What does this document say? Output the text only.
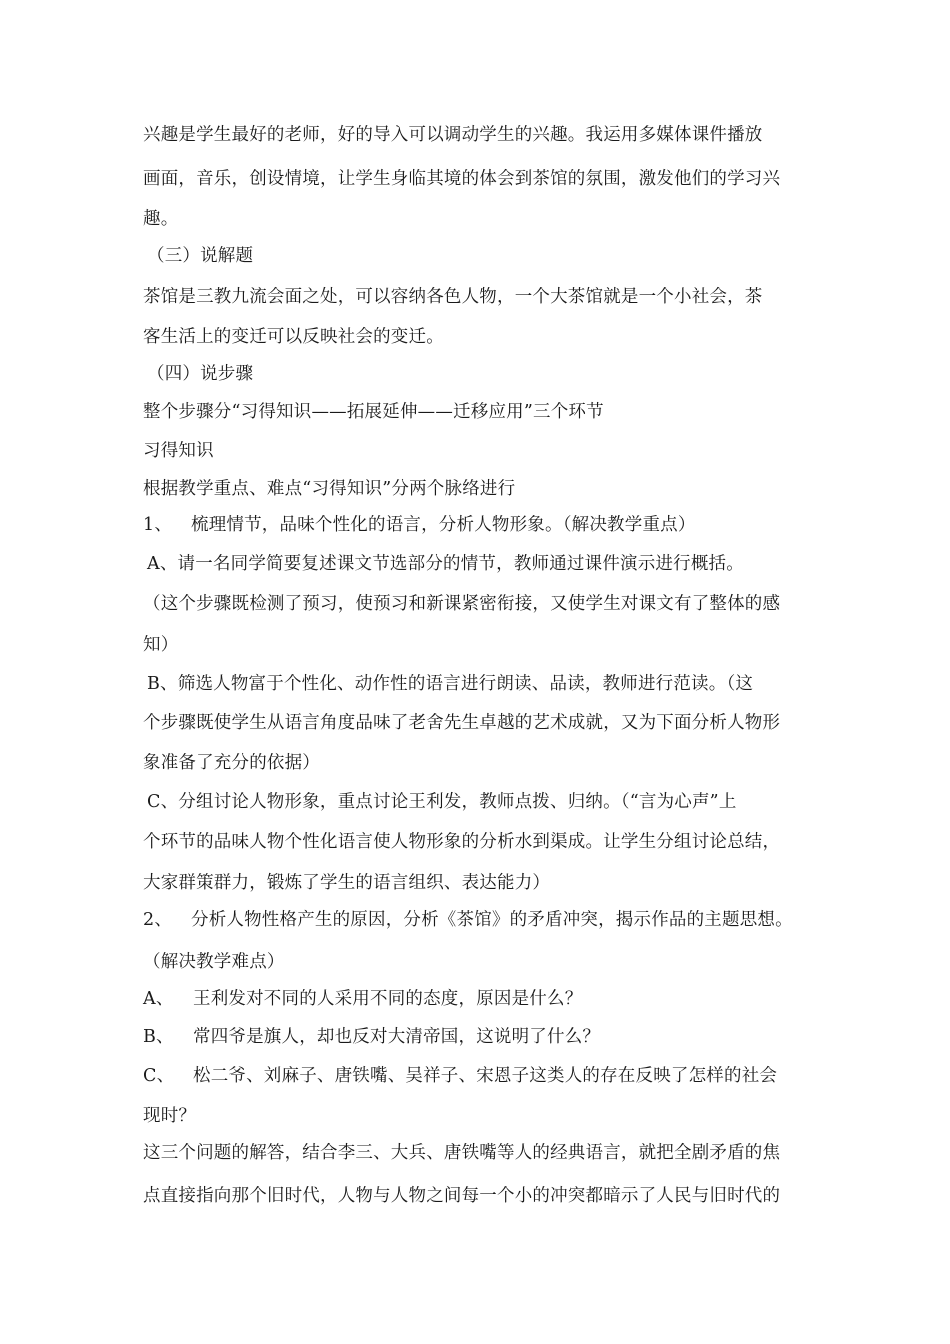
兴趣是学生最好的老师，好的导入可以调动学生的兴趣。我运用多媒体课件播放
画面，音乐，创设情境，让学生身临其境的体会到茶馆的氛围，激发他们的学习兴
趣。
（三）说解题
茶馆是三教九流会面之处，可以容纳各色人物，一个大茶馆就是一个小社会，茶
客生活上的变迁可以反映社会的变迁。
（四）说步骤
整个步骤分“习得知识——拓展延伸——迁移应用”三个环节
习得知识
根据教学重点、难点“习得知识”分两个脉络进行
1、 梳理情节，品味个性化的语言，分析人物形象。（解决教学重点）
A、请一名同学简要复述课文节选部分的情节，教师通过课件演示进行概括。
（这个步骤既检测了预习，使预习和新课紧密衔接，又使学生对课文有了整体的感
知）
B、筛选人物富于个性化、动作性的语言进行朗读、品读，教师进行范读。（这
个步骤既使学生从语言角度品味了老舍先生卓越的艺术成就，又为下面分析人物形
象准备了充分的依据）
C、分组讨论人物形象，重点讨论王利发，教师点拨、归纳。（“言为心声”上
个环节的品味人物个性化语言使人物形象的分析水到渠成。让学生分组讨论总结，
大家群策群力，锻炼了学生的语言组织、表达能力）
2、 分析人物性格产生的原因，分析《茶馆》的矛盾冲突，揭示作品的主题思想。
（解决教学难点）
A、 王利发对不同的人采用不同的态度，原因是什么？
B、 常四爷是旗人，却也反对大清帝国，这说明了什么？
C、 松二爷、刘麻子、唐铁嘴、吴祥子、宋恩子这类人的存在反映了怎样的社会
现时？
这三个问题的解答，结合李三、大兵、唐铁嘴等人的经典语言，就把全剧矛盾的焦
点直接指向那个旧时代，人物与人物之间每一个小的冲突都暗示了人民与旧时代的
